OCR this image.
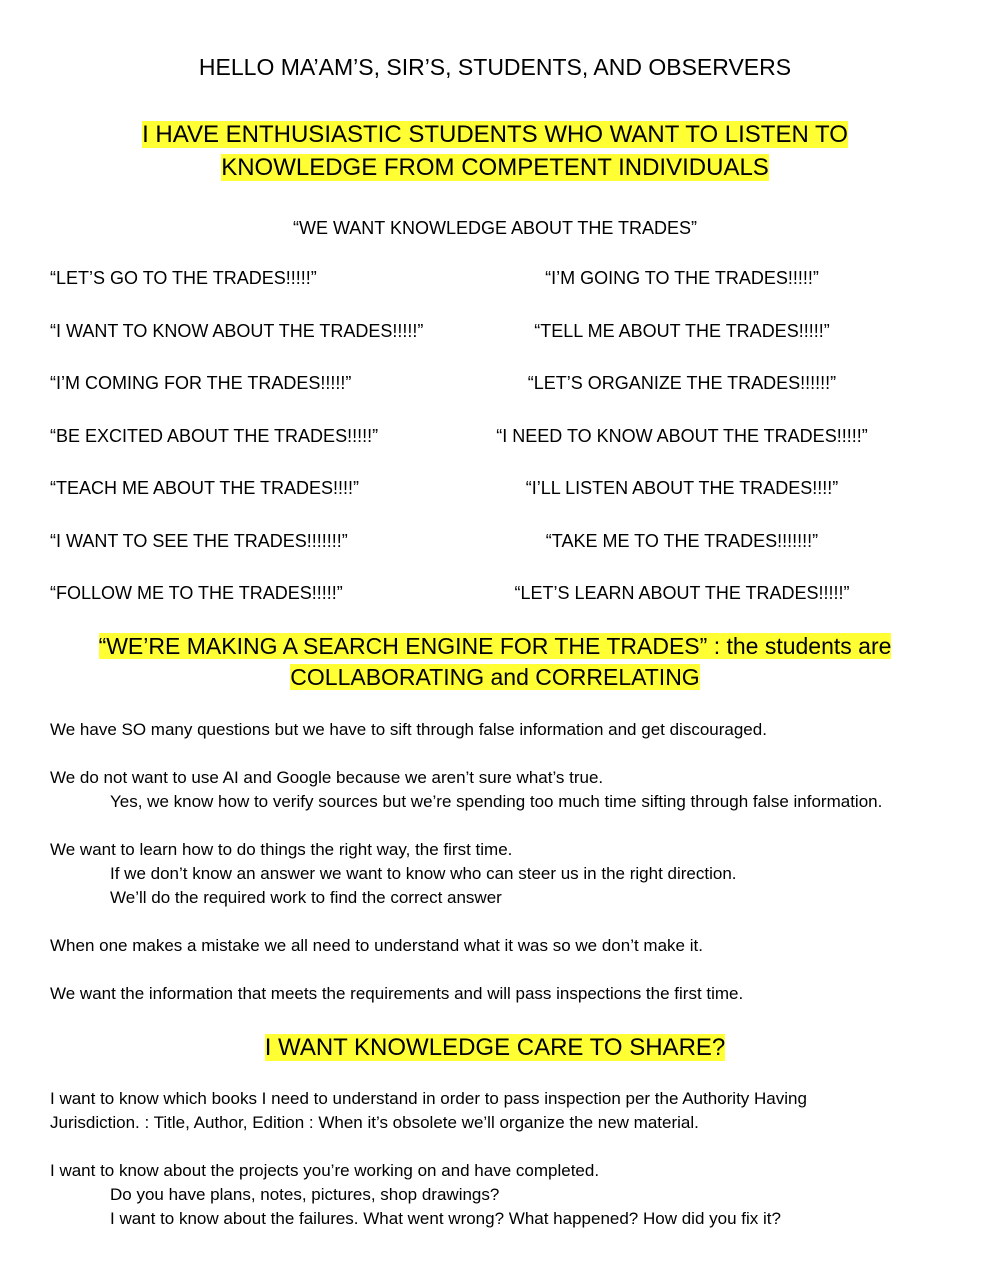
HELLO MA’AM’S, SIR’S, STUDENTS, AND OBSERVERS
I HAVE ENTHUSIASTIC STUDENTS WHO WANT TO LISTEN TO
KNOWLEDGE FROM COMPETENT INDIVIDUALS
“WE WANT KNOWLEDGE ABOUT THE TRADES”
“LET’S GO TO THE TRADES!!!!!”	“I’M GOING TO THE TRADES!!!!!”
“I WANT TO KNOW ABOUT THE TRADES!!!!!”	“TELL ME ABOUT THE TRADES!!!!!”
“I’M COMING FOR THE TRADES!!!!!”	“LET’S ORGANIZE THE TRADES!!!!!!”
“BE EXCITED ABOUT THE TRADES!!!!!”	“I NEED TO KNOW ABOUT THE TRADES!!!!!”
“TEACH ME ABOUT THE TRADES!!!!”	“I’LL LISTEN ABOUT THE TRADES!!!!”
“I WANT TO SEE THE TRADES!!!!!!!”	“TAKE ME TO THE TRADES!!!!!!!”
“FOLLOW ME TO THE TRADES!!!!!”	“LET’S LEARN ABOUT THE TRADES!!!!!”
“WE’RE MAKING A SEARCH ENGINE FOR THE TRADES” : the students are
COLLABORATING and CORRELATING
We have SO many questions but we have to sift through false information and get discouraged.
We do not want to use AI and Google because we aren’t sure what’s true.
Yes, we know how to verify sources but we’re spending too much time sifting through false information.
We want to learn how to do things the right way, the first time.
If we don’t know an answer we want to know who can steer us in the right direction.
We’ll do the required work to find the correct answer
When one makes a mistake we all need to understand what it was so we don’t make it.
We want the information that meets the requirements and will pass inspections the first time.
I WANT KNOWLEDGE CARE TO SHARE?
I want to know which books I need to understand in order to pass inspection per the Authority Having
Jurisdiction. : Title, Author, Edition : When it’s obsolete we’ll organize the new material.
I want to know about the projects you’re working on and have completed.
Do you have plans, notes, pictures, shop drawings?
I want to know about the failures. What went wrong? What happened? How did you fix it?
